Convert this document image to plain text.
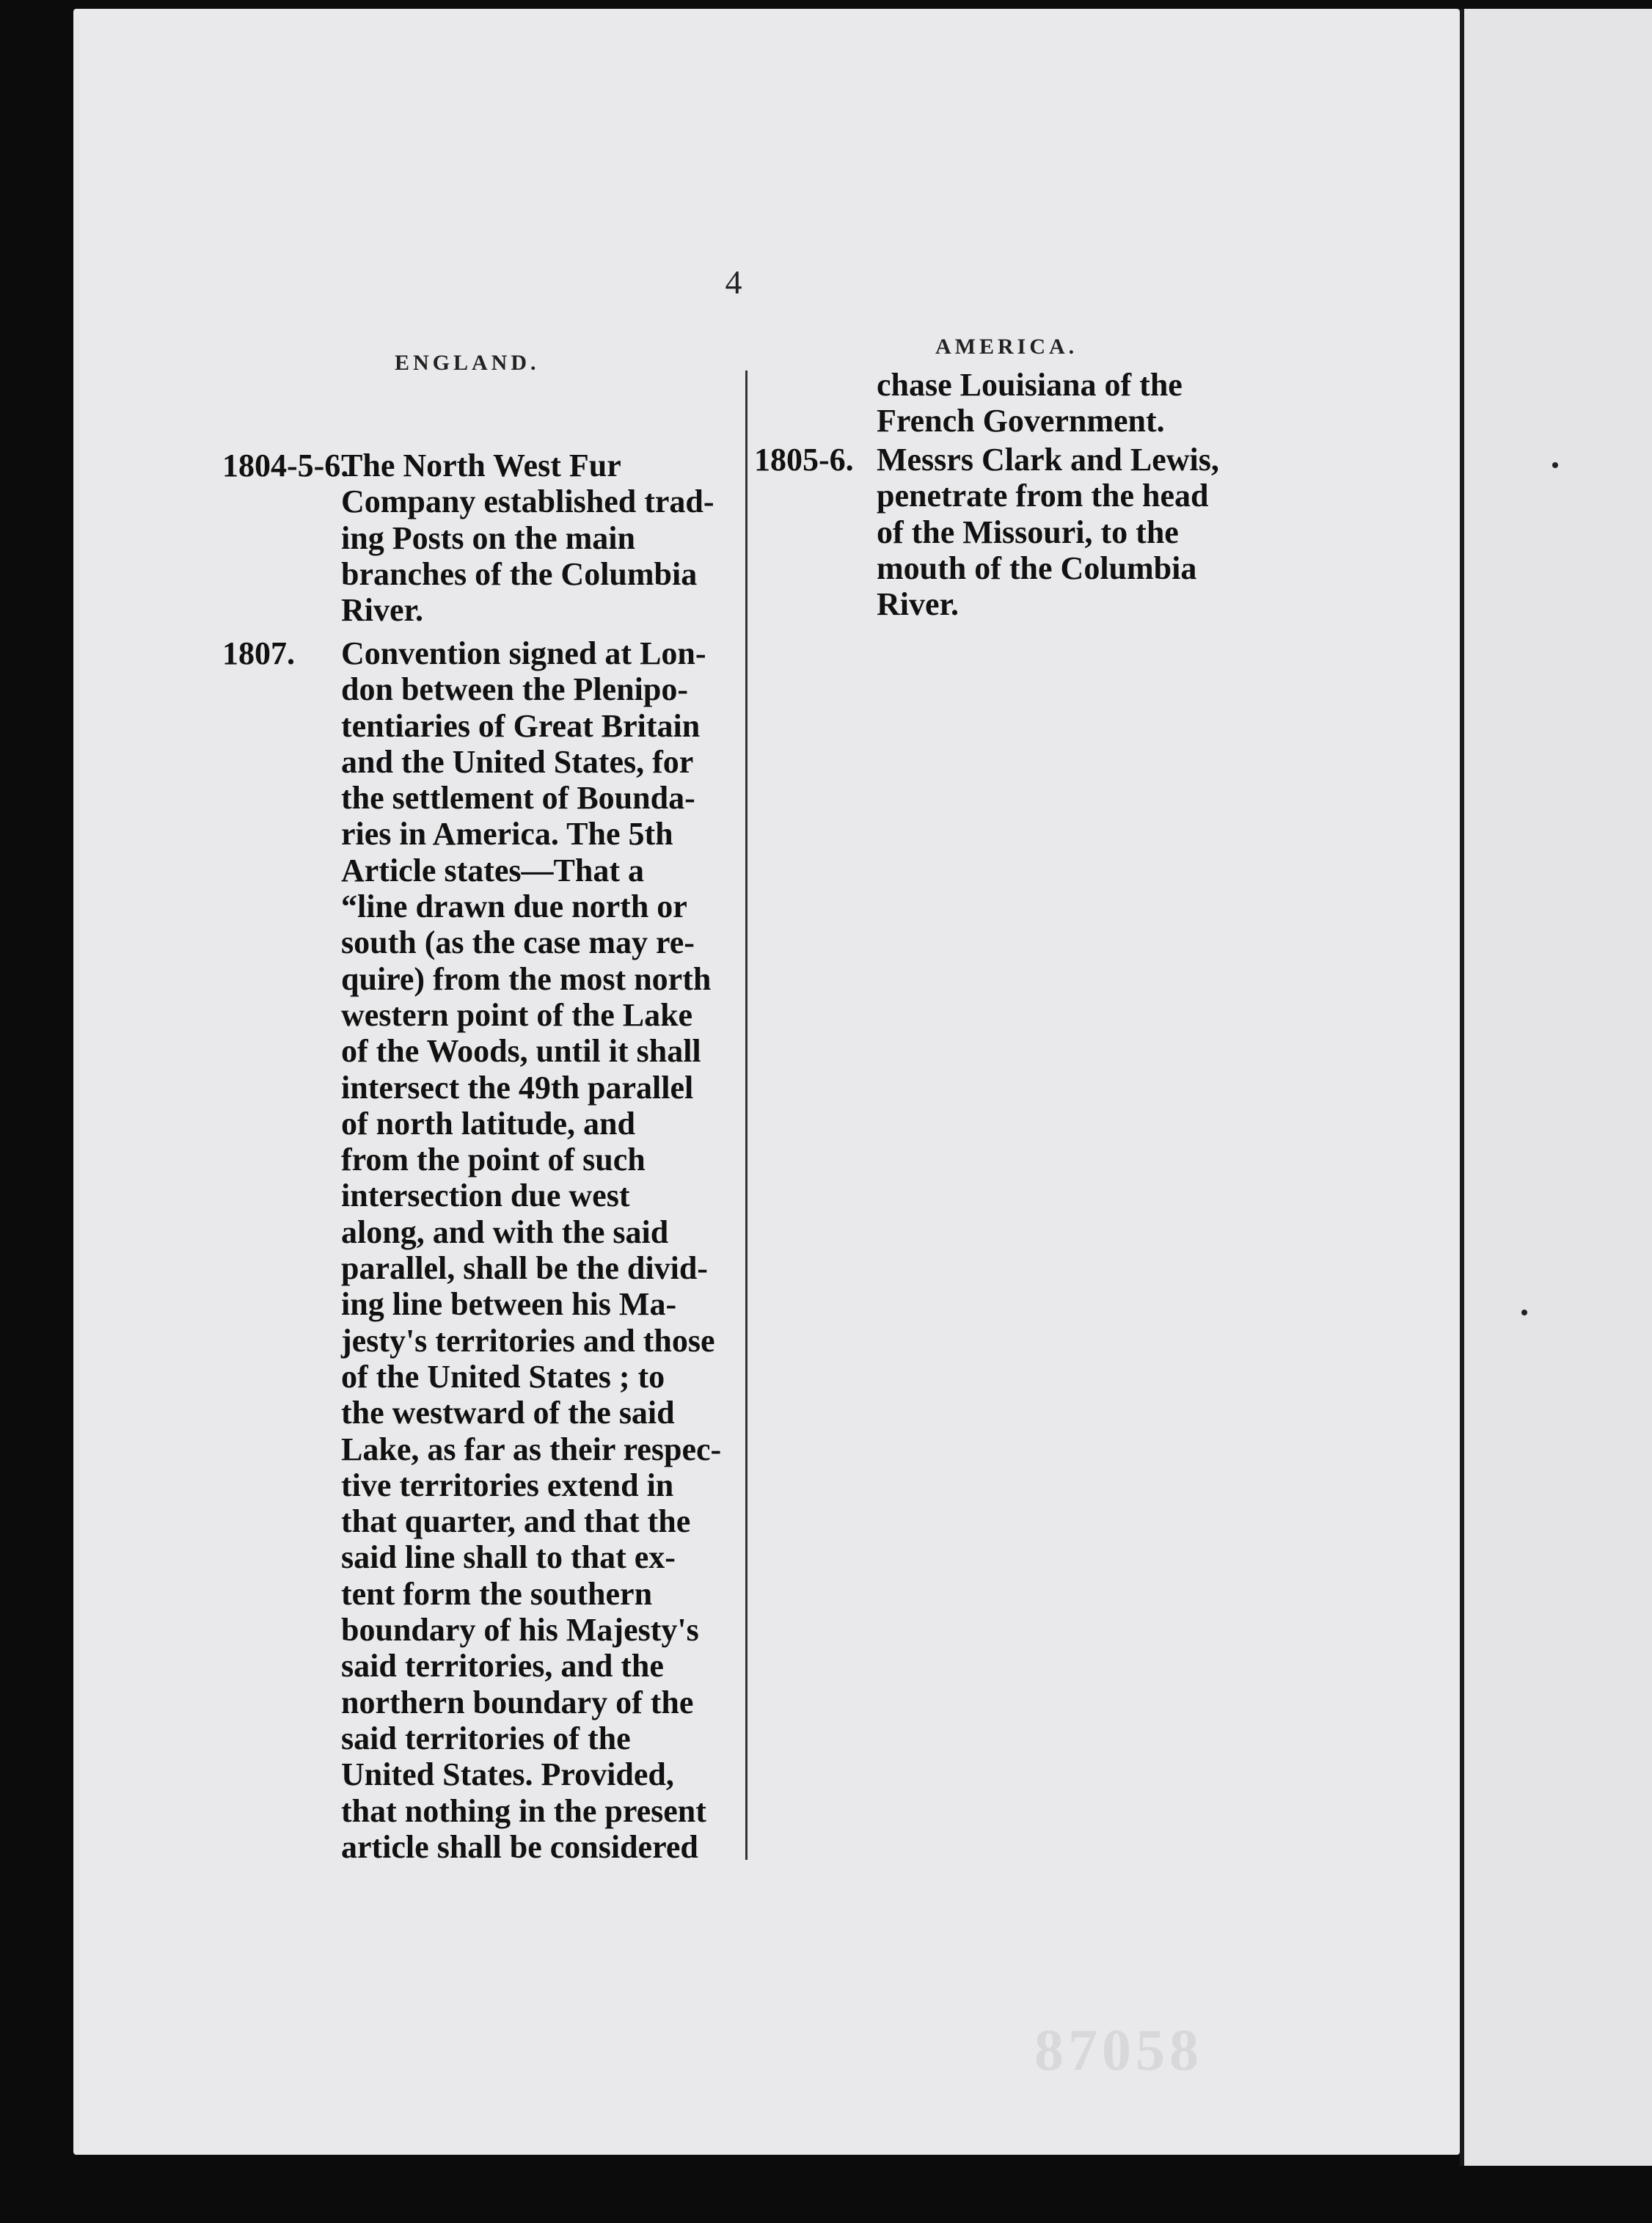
4
ENGLAND.
AMERICA.
1804-5-6.
The North West Fur
Company established trad-
ing Posts on the main
branches of the Columbia
River.
1807. Convention signed at Lon-
don between the Plenipo-
tentiaries of Great Britain
and the United States, for
the settlement of Bounda-
ries in America. The 5th
Article states—That a
“line drawn due north or
south (as the case may re-
quire) from the most north
western point of the Lake
of the Woods, until it shall
intersect the 49th parallel
of north latitude, and
from the point of such
intersection due west
along, and with the said
parallel, shall be the divid-
ing line between his Ma-
jesty's territories and those
of the United States ; to
the westward of the said
Lake, as far as their respec-
tive territories extend in
that quarter, and that the
said line shall to that ex-
tent form the southern
boundary of his Majesty's
said territories, and the
northern boundary of the
said territories of the
United States. Provided,
that nothing in the present
article shall be considered
chase Louisiana of the
French Government.
1805-6. Messrs Clark and Lewis,
penetrate from the head
of the Missouri, to the
mouth of the Columbia
River.
87058
